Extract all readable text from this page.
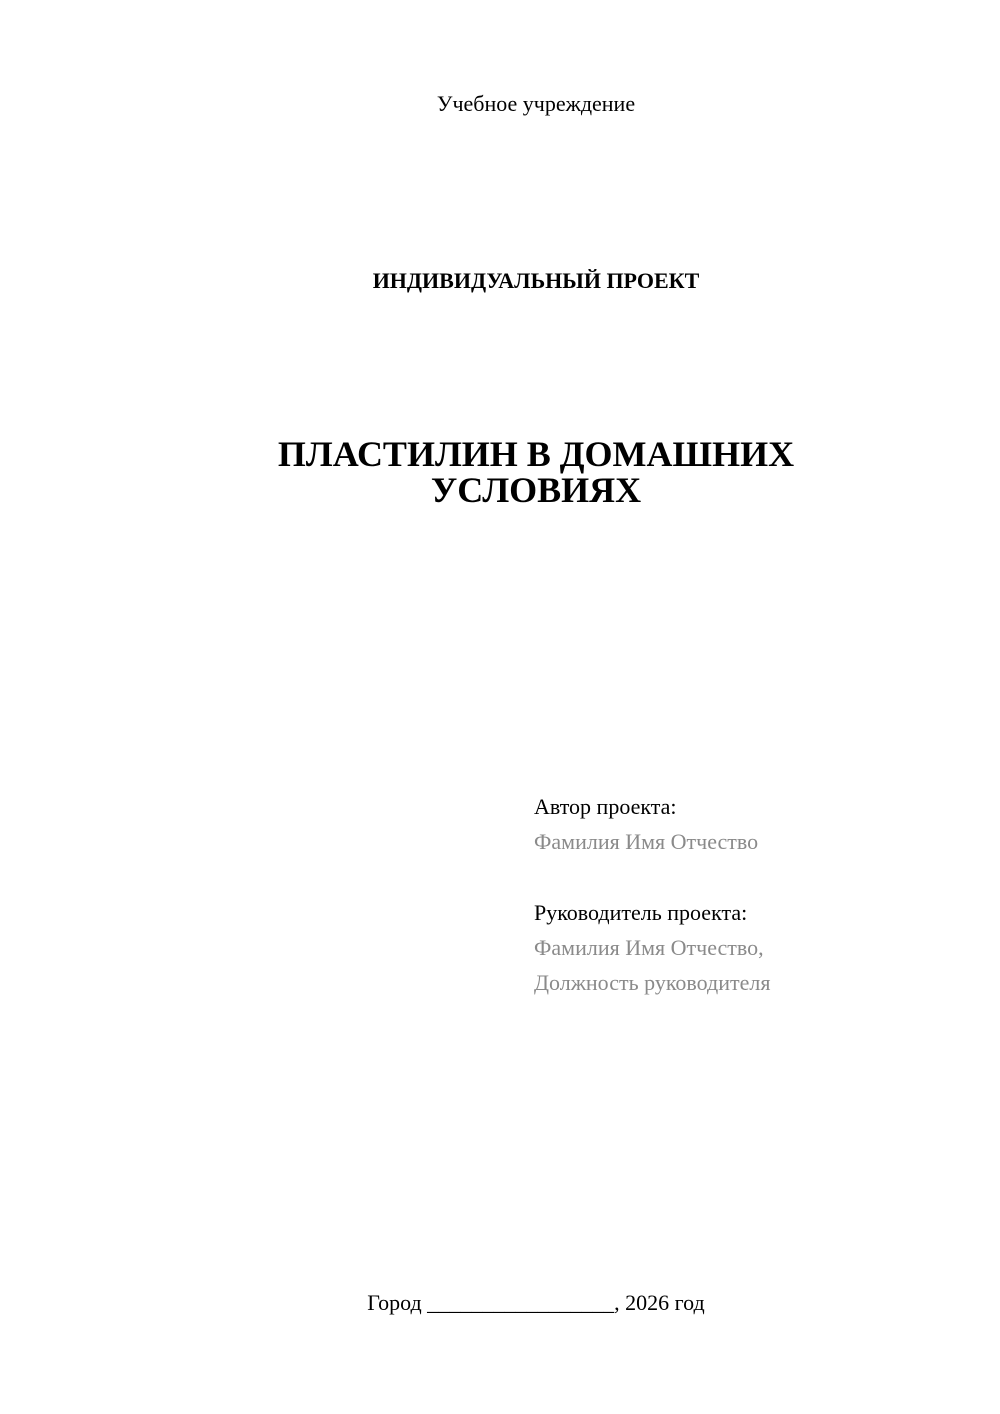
Учебное учреждение
ИНДИВИДУАЛЬНЫЙ ПРОЕКТ
ПЛАСТИЛИН В ДОМАШНИХ
УСЛОВИЯХ
Автор проекта:
Фамилия Имя Отчество
Руководитель проекта:
Фамилия Имя Отчество,
Должность руководителя
Город _________________, 2026 год
